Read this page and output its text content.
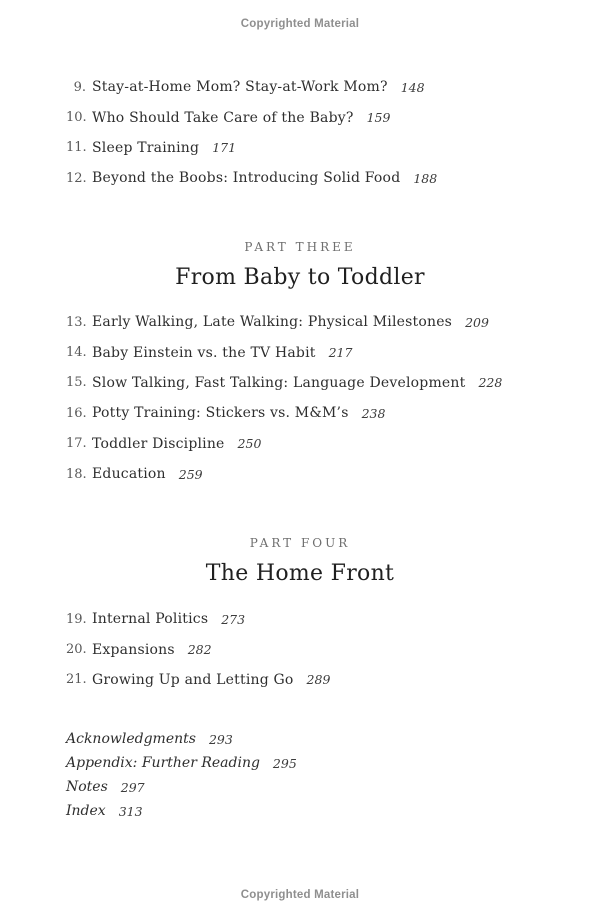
Copyrighted Material
9. Stay-at-Home Mom? Stay-at-Work Mom? 148
10. Who Should Take Care of the Baby? 159
11. Sleep Training 171
12. Beyond the Boobs: Introducing Solid Food 188
PART THREE
From Baby to Toddler
13. Early Walking, Late Walking: Physical Milestones 209
14. Baby Einstein vs. the TV Habit 217
15. Slow Talking, Fast Talking: Language Development 228
16. Potty Training: Stickers vs. M&M’s 238
17. Toddler Discipline 250
18. Education 259
PART FOUR
The Home Front
19. Internal Politics 273
20. Expansions 282
21. Growing Up and Letting Go 289
Acknowledgments 293
Appendix: Further Reading 295
Notes 297
Index 313
Copyrighted Material
